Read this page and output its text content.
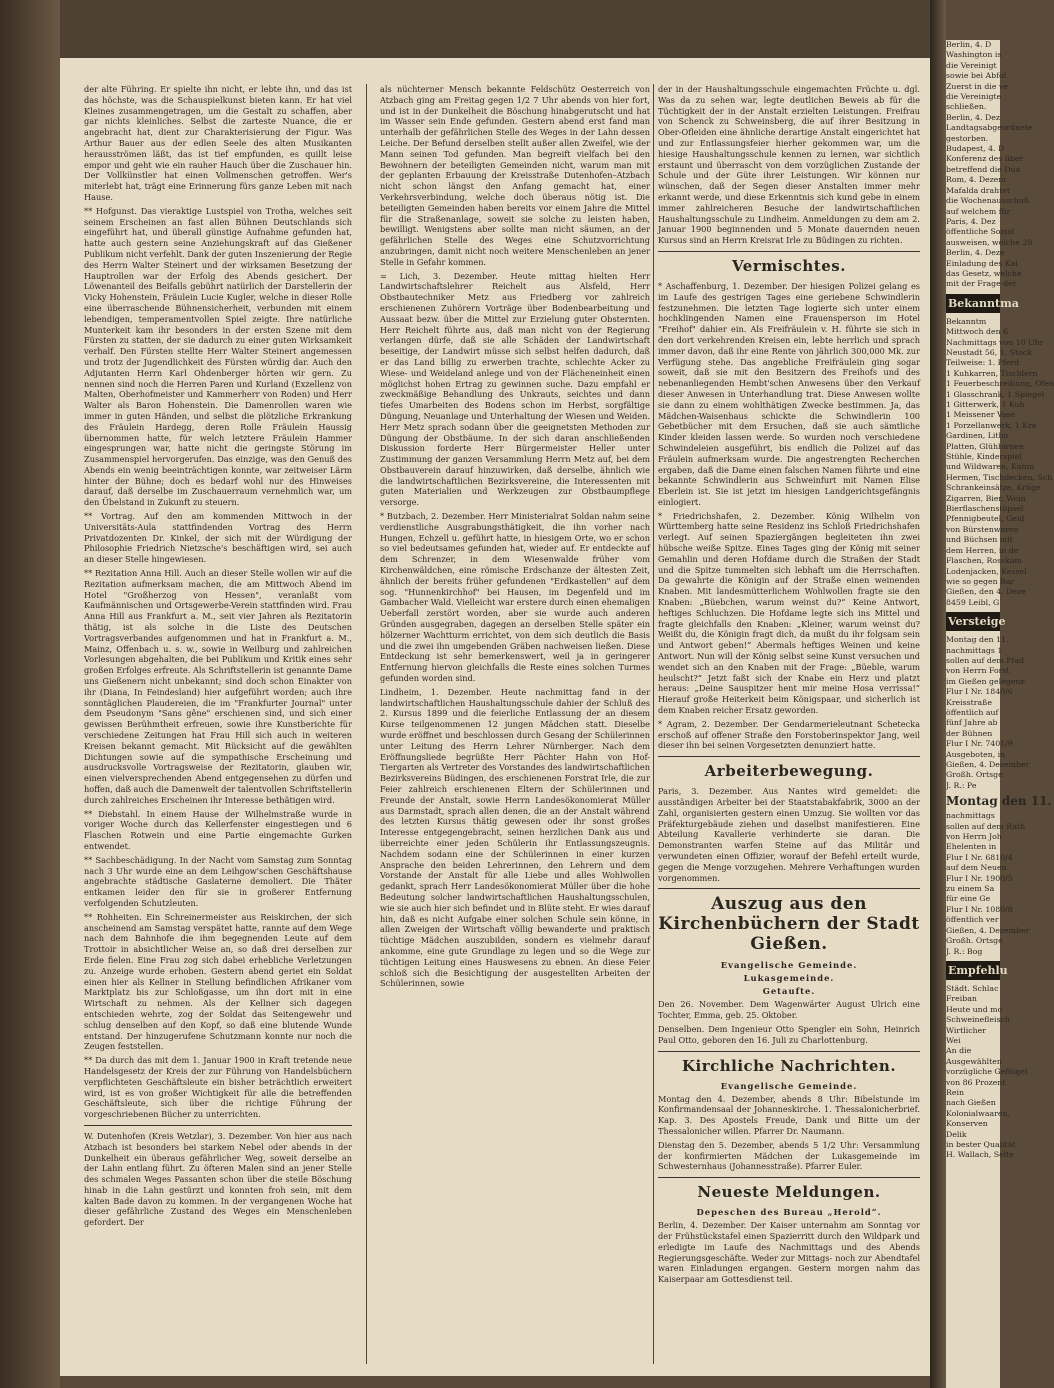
der alte Führing. Er spielte ihn nicht, er lebte ihn, und das ist das höchste, was die Schauspielkunst bieten kann. Er hat viel Kleines zusammengetragen, um die Gestalt zu schaffen, aber gar nichts kleinliches. Selbst die zarteste Nuance, die er angebracht hat, dient zur Charakterisierung der Figur. Was Arthur Bauer aus der edlen Seele des alten Musikanten herausströmen läßt, das ist tief empfunden, es quillt leise empor und geht wie ein rauher Hauch über die Zuschauer hin. Der Vollkünstler hat einen Vollmenschen getroffen. Wer's miterlebt hat, trägt eine Erinnerung fürs ganze Leben mit nach Hause.

** Hofgunst. Das vieraktige Lustspiel von Trotha, welches seit seinem Erscheinen an fast allen Bühnen Deutschlands sich eingeführt hat, und überall günstige Aufnahme gefunden hat, hatte auch gestern seine Anziehungskraft auf das Gießener Publikum nicht verfehlt. Dank der guten Inszenierung der Regie des Herrn Walter Steinert und der wirksamen Besetzung der Hauptrollen war der Erfolg des Abends gesichert. Der Löwenanteil des Beifalls gebührt natürlich der Darstellerin der Vicky Hohenstein, Fräulein Lucie Kugler, welche in dieser Rolle eine überraschende Bühnensicherheit, verbunden mit einem lebendigen, temperamentvollen Spiel zeigte. Ihre natürliche Munterkeit kam ihr besonders in der ersten Szene mit dem Fürsten zu statten, der sie dadurch zu einer guten Wirksamkeit verhalf. Den Fürsten stellte Herr Walter Steinert angemessen und trotz der Jugendlichkeit des Fürsten würdig dar. Auch den Adjutanten Herrn Karl Ohdenberger hörten wir gern. Zu nennen sind noch die Herren Paren und Kurland (Exzellenz von Malten, Oberhofmeister und Kammerherr von Roden) und Herr Walter als Baron Hohenstein. Die Damenrollen waren wie immer in guten Händen, und selbst die plötzliche Erkrankung des Fräulein Hardegg, deren Rolle Fräulein Haussig übernommen hatte, für welch letztere Fräulein Hammer eingesprungen war, hatte nicht die geringste Störung im Zusammenspiel hervorgerufen. Das einzige, was den Genuß des Abends ein wenig beeinträchtigen konnte, war zeitweiser Lärm hinter der Bühne; doch es bedarf wohl nur des Hinweises darauf, daß derselbe im Zuschauerraum vernehmlich war, um den Übelstand in Zukunft zu steuern.

** Vortrag. Auf den am kommenden Mittwoch in der Universitäts-Aula stattfindenden Vortrag des Herrn Privatdozenten Dr. Kinkel, der sich mit der Würdigung der Philosophie Friedrich Nietzsche's beschäftigen wird, sei auch an dieser Stelle hingewiesen.

** Rezitation Anna Hill. Auch an dieser Stelle wollen wir auf die Rezitation aufmerksam machen, die am Mittwoch Abend im Hotel "Großherzog von Hessen", veranlaßt vom Kaufmännischen und Ortsgewerbe-Verein stattfinden wird. Frau Anna Hill aus Frankfurt a. M., seit vier Jahren als Rezitatorin thätig, ist als solche in die Liste des Deutschen Vortragsverbandes aufgenommen und hat in Frankfurt a. M., Mainz, Offenbach u. s. w., sowie in Weilburg und zahlreichen Vorlesungen abgehalten, die bei Publikum und Kritik eines sehr großen Erfolges erfreute. Als Schriftstellerin ist genannte Dame uns Gießenern nicht unbekannt; sind doch schon Einakter von ihr (Diana, In Feindesland) hier aufgeführt worden; auch ihre sonntäglichen Plaudereien, die im "Frankfurter Journal" unter dem Pseudonym "Sans gêne" erschienen sind, und sich einer gewissen Berühmtheit erfreuen, sowie ihre Kunstberichte für verschiedene Zeitungen hat Frau Hill sich auch in weiteren Kreisen bekannt gemacht. Mit Rücksicht auf die gewählten Dichtungen sowie auf die sympathische Erscheinung und ausdrucksvolle Vortragsweise der Rezitatorin, glauben wir, einen vielversprechenden Abend entgegensehen zu dürfen und hoffen, daß auch die Damenwelt der talentvollen Schriftstellerin durch zahlreiches Erscheinen ihr Interesse bethätigen wird.

** Diebstahl. In einem Hause der Wilhelmstraße wurde in voriger Woche durch das Kellerfenster eingestiegen und 6 Flaschen Rotwein und eine Partie eingemachte Gurken entwendet.

** Sachbeschädigung. In der Nacht vom Samstag zum Sonntag nach 3 Uhr wurde eine an dem Leihgow'schen Geschäftshause angebrachte städtische Gaslaterne demoliert. Die Thäter entkamen leider den für sie in großerer Entfernung verfolgenden Schutzleuten.

** Rohheiten. Ein Schreinermeister aus Reiskirchen, der sich anscheinend am Samstag verspätet hatte, rannte auf dem Wege nach dem Bahnhofe die ihm begegnenden Leute auf dem Trottoir in absichtlicher Weise an, so daß drei derselben zur Erde fielen. Eine Frau zog sich dabei erhebliche Verletzungen zu. Anzeige wurde erhoben. Gestern abend geriet ein Soldat einen hier als Kellner in Stellung befindlichen Afrikaner vom Marktplatz bis zur Schloßgasse, um ihn dort mit in eine Wirtschaft zu nehmen. Als der Kellner sich dagegen entschieden wehrte, zog der Soldat das Seitengewehr und schlug denselben auf den Kopf, so daß eine blutende Wunde entstand. Der hinzugerufene Schutzmann konnte nur noch die Zeugen feststellen.

** Da durch das mit dem 1. Januar 1900 in Kraft tretende neue Handelsgesetz der Kreis der zur Führung von Handelsbüchern verpflichteten Geschäftsleute ein bisher beträchtlich erweitert wird, ist es von großer Wichtigkeit für alle die betreffenden Geschäftsleute, sich über die richtige Führung der vorgeschriebenen Bücher zu unterrichten.

W. Dutenhofen (Kreis Wetzlar), 3. Dezember. Von hier aus nach Atzbach ist besonders bei starkem Nebel oder abends in der Dunkelheit ein überaus gefährlicher Weg, soweit derselbe an der Lahn entlang führt. Zu öfteren Malen sind an jener Stelle des schmalen Weges Passanten schon über die steile Böschung hinab in die Lahn gestürzt und konnten froh sein, mit dem kalten Bade davon zu kommen. In der vergangenen Woche hat dieser gefährliche Zustand des Weges ein Menschenleben gefordert. Der

als nüchterner Mensch bekannte Feldschütz Oesterreich von Atzbach ging am Freitag gegen 1/2 7 Uhr abends von hier fort, und ist in der Dunkelheit die Böschung hinabgerutscht und hat im Wasser sein Ende gefunden. Gestern abend erst fand man unterhalb der gefährlichen Stelle des Weges in der Lahn dessen Leiche. Der Befund derselben stellt außer allen Zweifel, wie der Mann seinen Tod gefunden. Man begreift vielfach bei den Bewohnern der beteiligten Gemeinden nicht, warum man mit der geplanten Erbauung der Kreisstraße Dutenhofen–Atzbach nicht schon längst den Anfang gemacht hat, einer Verkehrsverbindung, welche doch überaus nötig ist. Die beteiligten Gemeinden haben bereits vor einem Jahre die Mittel für die Straßenanlage, soweit sie solche zu leisten haben, bewilligt. Wenigstens aber sollte man nicht säumen, an der gefährlichen Stelle des Weges eine Schutzvorrichtung anzubringen, damit nicht noch weitere Menschenleben an jener Stelle in Gefahr kommen.

= Lich, 3. Dezember. Heute mittag hielten Herr Landwirtschaftslehrer Reichelt aus Alsfeld, Herr Obstbautechniker Metz aus Friedberg vor zahlreich erschienenen Zuhörern Vorträge über Bodenbearbeitung und Aussaat bezw. über die Mittel zur Erzielung guter Obsternten. Herr Reichelt führte aus, daß man nicht von der Regierung verlangen dürfe, daß sie alle Schäden der Landwirtschaft beseitige, der Landwirt müsse sich selbst helfen dadurch, daß er das Land billig zu erwerben trachte, schlechte Acker zu Wiese- und Weideland anlege und von der Flächeneinheit einen möglichst hohen Ertrag zu gewinnen suche. Dazu empfahl er zweckmäßige Behandlung des Unkrauts, seichtes und dann tiefes Umarbeiten des Bodens schon im Herbst, sorgfältige Düngung, Neuanlage und Unterhaltung der Wiesen und Weiden. Herr Metz sprach sodann über die geeignetsten Methoden zur Düngung der Obstbäume. In der sich daran anschließenden Diskussion forderte Herr Bürgermeister Heller unter Zustimmung der ganzen Versammlung Herrn Metz auf, bei dem Obstbauverein darauf hinzuwirken, daß derselbe, ähnlich wie die landwirtschaftlichen Bezirksvereine, die Interessenten mit guten Materialien und Werkzeugen zur Obstbaumpflege versorge.

* Butzbach, 2. Dezember. Herr Ministerialrat Soldan nahm seine verdienstliche Ausgrabungsthätigkeit, die ihn vorher nach Hungen, Echzell u. geführt hatte, in hiesigem Orte, wo er schon so viel bedeutsames gefunden hat, wieder auf. Er entdeckte auf dem Schrenzer, in dem Wiesenwalde früher vom Kirchenwäldchen, eine römische Erdschanze der ältesten Zeit, ähnlich der bereits früher gefundenen "Erdkastellen" auf dem sog. "Hunnenkirchhof" bei Hausen, im Degenfeld und im Gambacher Wald. Vielleicht war erstere durch einen ehemaligen Ueberfall zerstört worden, aber sie wurde auch anderen Gründen ausgegraben, dagegen an derselben Stelle später ein hölzerner Wachtturm errichtet, von dem sich deutlich die Basis und die zwei ihn umgebenden Gräben nachweisen ließen. Diese Entdeckung ist sehr bemerkenswert, weil ja in geringerer Entfernung hiervon gleichfalls die Reste eines solchen Turmes gefunden worden sind.

Lindheim, 1. Dezember. Heute nachmittag fand in der landwirtschaftlichen Haushaltungsschule dahier der Schluß des 2. Kursus 1899 und die feierliche Entlassung der an diesem Kurse teilgenommenen 12 jungen Mädchen statt. Dieselbe wurde eröffnet und beschlossen durch Gesang der Schülerinnen unter Leitung des Herrn Lehrer Nürnberger. Nach dem Eröffnungsliede begrüßte Herr Pächter Hahn von Hof-Tiergarten als Vertreter des Vorstandes des landwirtschaftlichen Bezirksvereins Büdingen, des erschienenen Forstrat Irle, die zur Feier zahlreich erschienenen Eltern der Schülerinnen und Freunde der Anstalt, sowie Herrn Landesökonomierat Müller aus Darmstadt, sprach allen denen, die an der Anstalt während des letzten Kursus thätig gewesen oder ihr sonst großes Interesse entgegengebracht, seinen herzlichen Dank aus und überreichte einer jeden Schülerin ihr Entlassungszeugnis. Nachdem sodann eine der Schülerinnen in einer kurzen Ansprache den beiden Lehrerinnen, den Lehrern und dem Vorstande der Anstalt für alle Liebe und alles Wohlwollen gedankt, sprach Herr Landesökonomierat Müller über die hohe Bedeutung solcher landwirtschaftlichen Haushaltungsschulen, wie sie auch hier sich befindet und in Blüte steht. Er wies darauf hin, daß es nicht Aufgabe einer solchen Schule sein könne, in allen Zweigen der Wirtschaft völlig bewanderte und praktisch tüchtige Mädchen auszubilden, sondern es vielmehr darauf ankomme, eine gute Grundlage zu legen und so die Wege zur tüchtigen Leitung eines Hauswesens zu ebnen. An diese Feier schloß sich die Besichtigung der ausgestellten Arbeiten der Schülerinnen, sowie

der in der Haushaltungsschule eingemachten Früchte u. dgl. Was da zu sehen war, legte deutlichen Beweis ab für die Tüchtigkeit der in der Anstalt erzielten Leistungen. Freifrau von Schenck zu Schweinsberg, die auf ihrer Besitzung in Ober-Ofleiden eine ähnliche derartige Anstalt eingerichtet hat und zur Entlassungsfeier hierher gekommen war, um die hiesige Haushaltungsschule kennen zu lernen, war sichtlich erstaunt und überrascht von dem vorzüglichen Zustande der Schule und der Güte ihrer Leistungen. Wir können nur wünschen, daß der Segen dieser Anstalten immer mehr erkannt werde, und diese Erkenntnis sich kund gebe in einem immer zahlreicheren Besuche der landwirtschaftlichen Haushaltungsschule zu Lindheim. Anmeldungen zu dem am 2. Januar 1900 beginnenden und 5 Monate dauernden neuen Kursus sind an Herrn Kreisrat Irle zu Büdingen zu richten.

Vermischtes.

* Aschaffenburg, 1. Dezember. Der hiesigen Polizei gelang es im Laufe des gestrigen Tages eine geriebene Schwindlerin festzunehmen. Die letzten Tage logierte sich unter einem hochklingenden Namen eine Frauensperson im Hotel "Freihof" dahier ein. Als Freifräulein v. H. führte sie sich in den dort verkehrenden Kreisen ein, lebte herrlich und sprach immer davon, daß ihr eine Rente von jährlich 300,000 Mk. zur Verfügung stehe. Das angebliche Freifräulein ging sogar soweit, daß sie mit den Besitzern des Freihofs und des nebenanliegenden Hembt'schen Anwesens über den Verkauf dieser Anwesen in Unterhandlung trat. Diese Anwesen wollte sie dann zu einem wohlthätigen Zwecke bestimmen. Ja, das Mädchen-Waisenhaus schickte die Schwindlerin 100 Gebetbücher mit dem Ersuchen, daß sie auch sämtliche Kinder kleiden lassen werde. So wurden noch verschiedene Schwindeleien ausgeführt, bis endlich die Polizei auf das Fräulein aufmerksam wurde. Die angestrengten Recherchen ergaben, daß die Dame einen falschen Namen führte und eine bekannte Schwindlerin aus Schweinfurt mit Namen Elise Eberlein ist. Sie ist jetzt im hiesigen Landgerichtsgefängnis einlogiert.

* Friedrichshafen, 2. Dezember. König Wilhelm von Württemberg hatte seine Residenz ins Schloß Friedrichshafen verlegt. Auf seinen Spaziergängen begleiteten ihn zwei hübsche weiße Spitze. Eines Tages ging der König mit seiner Gemahlin und deren Hofdame durch die Straßen der Stadt und die Spitze tummelten sich lebhaft um die Herrschaften. Da gewahrte die Königin auf der Straße einen weinenden Knaben. Mit landesmütterlichem Wohlwollen fragte sie den Knaben: „Büebchen, warum weinst du?“ Keine Antwort, heftiges Schluchzen. Die Hofdame legte sich ins Mittel und fragte gleichfalls den Knaben: „Kleiner, warum weinst du? Weißt du, die Königin fragt dich, da mußt du ihr folgsam sein und Antwort geben!“ Abermals heftiges Weinen und keine Antwort. Nun will der König selbst seine Kunst versuchen und wendet sich an den Knaben mit der Frage: „Büeble, warum heulscht?“ Jetzt faßt sich der Knabe ein Herz und platzt heraus: „Deine Sauspitzer hent mir meine Hosa verrissa!“ Hierauf große Heiterkeit beim Königspaar, und sicherlich ist dem Knaben reicher Ersatz geworden.

* Agram, 2. Dezember. Der Gendarmerieleutnant Schetecka erschoß auf offener Straße den Forstoberinspektor Jang, weil dieser ihn bei seinen Vorgesetzten denunziert hatte.

Arbeiterbewegung.

Paris, 3. Dezember. Aus Nantes wird gemeldet: die ausständigen Arbeiter bei der Staatstabakfabrik, 3000 an der Zahl, organisierten gestern einen Umzug. Sie wollten vor das Präfekturgebäude ziehen und daselbst manifestieren. Eine Abteilung Kavallerie verhinderte sie daran. Die Demonstranten warfen Steine auf das Militär und verwundeten einen Offizier, worauf der Befehl erteilt wurde, gegen die Menge vorzugehen. Mehrere Verhaftungen wurden vorgenommen.

Auszug aus den Kirchenbüchern der Stadt Gießen.
Evangelische Gemeinde.
Lukasgemeinde.
Getaufte.

Den 26. November. Dem Wagenwärter August Ulrich eine Tochter, Emma, geb. 25. Oktober.

Denselben. Dem Ingenieur Otto Spengler ein Sohn, Heinrich Paul Otto, geboren den 16. Juli zu Charlottenburg.

Kirchliche Nachrichten.
Evangelische Gemeinde.

Montag den 4. Dezember, abends 8 Uhr: Bibelstunde im Konfirmandensaal der Johanneskirche. 1. Thessalonicherbrief. Kap. 3. Des Apostels Freude, Dank und Bitte um der Thessalonicher willen. Pfarrer Dr. Naumann.

Dienstag den 5. Dezember, abends 5 1/2 Uhr: Versammlung der konfirmierten Mädchen der Lukasgemeinde im Schwesternhaus (Johannesstraße). Pfarrer Euler.

Neueste Meldungen.
Depeschen des Bureau „Herold“.

Berlin, 4. Dezember. Der Kaiser unternahm am Sonntag vor der Frühstückstafel einen Spazierritt durch den Wildpark und erledigte im Laufe des Nachmittags und des Abends Regierungsgeschäfte. Weder zur Mittags- noch zur Abendtafel waren Einladungen ergangen. Gestern morgen nahm das Kaiserpaar am Gottesdienst teil.

Berlin, 4. D

Washington is

die Vereinigt

sowie bei Abfol

Zuerst in die ve

die Vereinigte

schließen.

Berlin, 4. Dez

Landtagsabgeordnete

gestorben.

Budapest, 4. D

Konferenz des liber

betreffend die Dua

Rom, 4. Dezem

Mafalda drahtet

die Wochenausschuß

auf welchem für

Paris, 4. Dez

öffentliche Sozial

ausweisen, welche 20

Berlin, 4. Deze

Einladung des Kai

das Gesetz, welche

mit der Frage der

Bekanntma

Bekanntm

Mittwoch den 6

Nachmittags von 10 Uhr

Neustadt 56, 1. Stock

Teilweise: 1. Pferd

1 Kuhkarren, Tischlern

1 Feuerbeschreibung, Ofen

1 Glasschrank, 1 Spiegel

1 Gitterwerk, 1 Kuh

1 Meissener Vase

1 Porzellanwerk, 1 Kre

Gardinen, Litho

Platten, Glühbirnen

Stühle, Kinderspiel

und Wildwaren, Kanin

Hermen, Tischdecken, Sch

Schrankeinsätze, Krüge

Zigarren, Bier, Wein

Bierflaschenstöpsel

Pfennigbeutel, Geld

von Bürstenwaren

und Büchsen mit

dem Herren, in de

Flaschen, Rosskam

Lodenjacken, Kessel

wie so gegen Bar

Gießen, den 4. Deze

8459 Leibl, G

Versteige

Montag den 11.

nachmittags 1

sollen auf dem Pfad

von Herrn Forst

im Gießen gelegene

Flur I Nr. 1840/6

Kreisstraße

öffentlich auf

fünf Jahre ab

der Bühnen

Flur I Nr. 7401/9

Ausgeboten, in

Gießen, 4. Dezember

Großh. Ortsge

J. R.: Pe

Montag den 11.

nachmittags

sollen auf dem Rath

von Herrn Joh

Ehelenten in

Flur I Nr. 6810/4

auf dem Neuen

Flur I Nr. 1900/5

zu einem Sa

für eine Ge

Flur I Nr. 1080/8

öffentlich ver

Gießen, 4. Dezember

Großh. Ortsge

J. R.: Bog

Empfehlu

Städt. Schlac

Freiban

Heute und mo

Schweinefleisch

Wirtlicher

Wei

An die

Ausgewählten

vorzügliche Geflügel

von 86 Prozent

Rein

nach Gießen

Kolonialwaaren,

Konserven

Delik

in bester Qualität

H. Wallach, Selte
